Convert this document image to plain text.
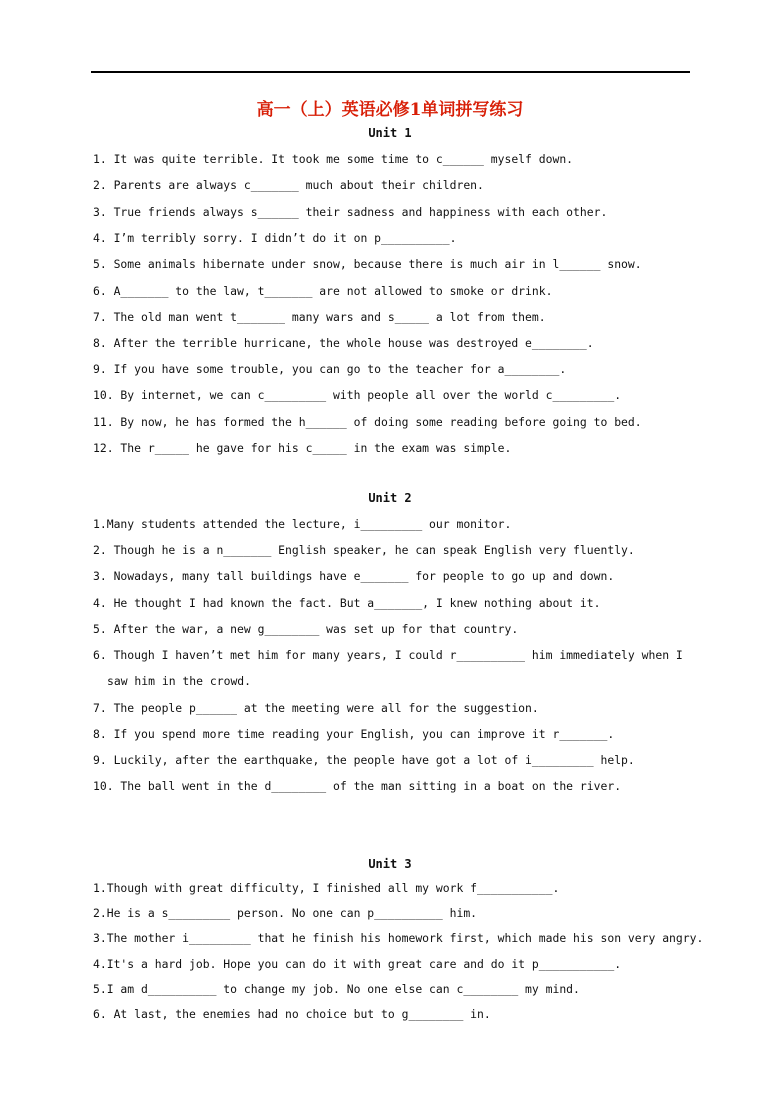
高一（上）英语必修1单词拼写练习
Unit 1
1. It was quite terrible. It took me some time to c______ myself down.
2. Parents are always c_______ much about their children.
3. True friends always s______ their sadness and happiness with each other.
4. I’m terribly sorry. I didn’t do it on p__________.
5. Some animals hibernate under snow, because there is much air in l______ snow.
6. A_______ to the law, t_______ are not allowed to smoke or drink.
7. The old man went t_______ many wars and s_____ a lot from them.
8. After the terrible hurricane, the whole house was destroyed e________.
9. If you have some trouble, you can go to the teacher for a________.
10. By internet, we can c_________ with people all over the world c_________.
11. By now, he has formed the h______ of doing some reading before going to bed.
12. The r_____ he gave for his c_____ in the exam was simple.
Unit 2
1.Many students attended the lecture, i_________ our monitor.
2. Though he is a n_______ English speaker, he can speak English very fluently.
3. Nowadays, many tall buildings have e_______ for people to go up and down.
4. He thought I had known the fact. But a_______, I knew nothing about it.
5. After the war, a new g________ was set up for that country.
6. Though I haven’t met him for many years, I could r__________ him immediately when I
saw him in the crowd.
7. The people p______ at the meeting were all for the suggestion.
8. If you spend more time reading your English, you can improve it r_______.
9. Luckily, after the earthquake, the people have got a lot of i_________ help.
10. The ball went in the d________ of the man sitting in a boat on the river.
Unit 3
1.Though with great difficulty, I finished all my work f___________.
2.He is a s_________ person. No one can p__________ him.
3.The mother i_________ that he finish his homework first, which made his son very angry.
4.It's a hard job. Hope you can do it with great care and do it p___________.
5.I am d__________ to change my job. No one else can c________ my mind.
6. At last, the enemies had no choice but to g________ in.
